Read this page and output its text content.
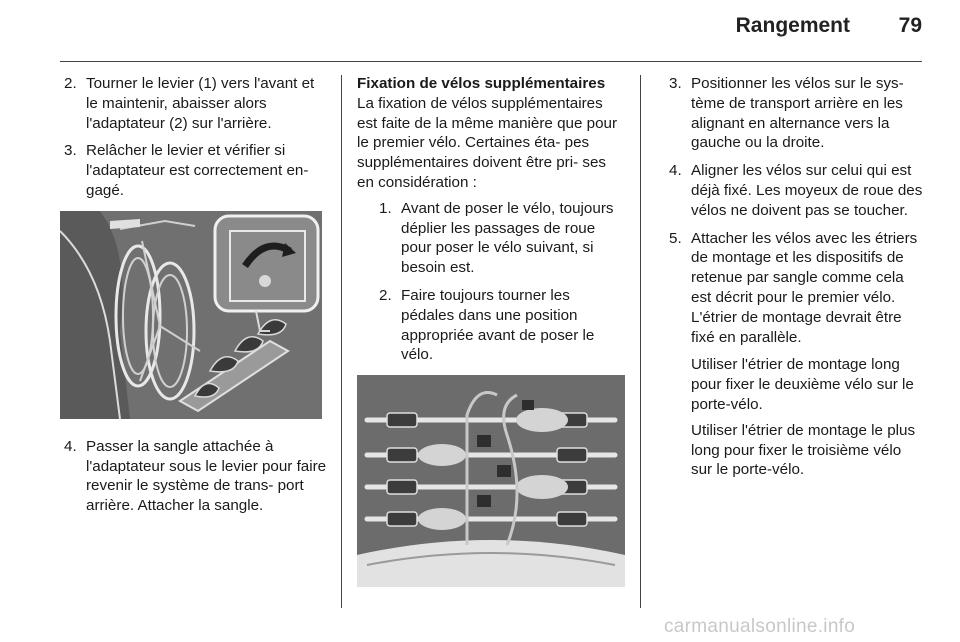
Rangement	79
2. Tourner le levier (1) vers l'avant et le maintenir, abaisser alors l'adaptateur (2) sur l'arrière.
3. Relâcher le levier et vérifier si l'adaptateur est correctement en- gagé.
4. Passer la sangle attachée à l'adaptateur sous le levier pour faire revenir le système de trans- port arrière. Attacher la sangle.
Fixation de vélos supplémentaires

La fixation de vélos supplémentaires est faite de la même manière que pour le premier vélo. Certaines éta- pes supplémentaires doivent être pri- ses en considération :

1. Avant de poser le vélo, toujours déplier les passages de roue pour poser le vélo suivant, si besoin est.
2. Faire toujours tourner les pédales dans une position appropriée avant de poser le vélo.
3. Positionner les vélos sur le sys- tème de transport arrière en les alignant en alternance vers la gauche ou la droite.
4. Aligner les vélos sur celui qui est déjà fixé. Les moyeux de roue des vélos ne doivent pas se toucher.
5. Attacher les vélos avec les étriers de montage et les dispositifs de retenue par sangle comme cela est décrit pour le premier vélo. L'étrier de montage devrait être fixé en parallèle.

Utiliser l'étrier de montage long pour fixer le deuxième vélo sur le porte-vélo.

Utiliser l'étrier de montage le plus long pour fixer le troisième vélo sur le porte-vélo.

carmanualsonline.info
